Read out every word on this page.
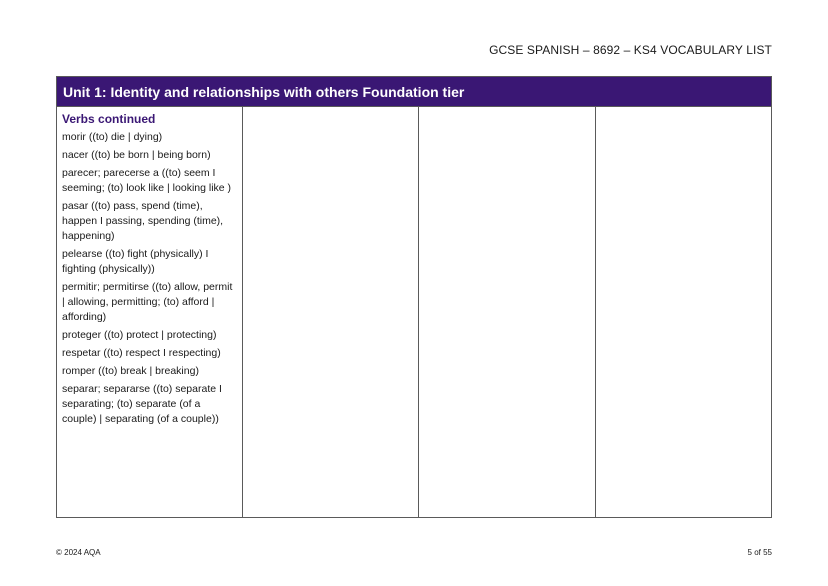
GCSE SPANISH – 8692 – KS4 VOCABULARY LIST
Unit 1: Identity and relationships with others Foundation tier
Verbs continued
morir ((to) die | dying)
nacer ((to) be born | being born)
parecer; parecerse a ((to) seem I seeming; (to) look like | looking like )
pasar ((to) pass, spend (time), happen I passing, spending (time), happening)
pelearse ((to) fight (physically) I fighting (physically))
permitir; permitirse ((to) allow, permit | allowing, permitting; (to) afford | affording)
proteger ((to) protect | protecting)
respetar ((to) respect I respecting)
romper ((to) break | breaking)
separar; separarse ((to) separate I separating; (to) separate (of a couple) | separating (of a couple))
© 2024 AQA	5 of 55
